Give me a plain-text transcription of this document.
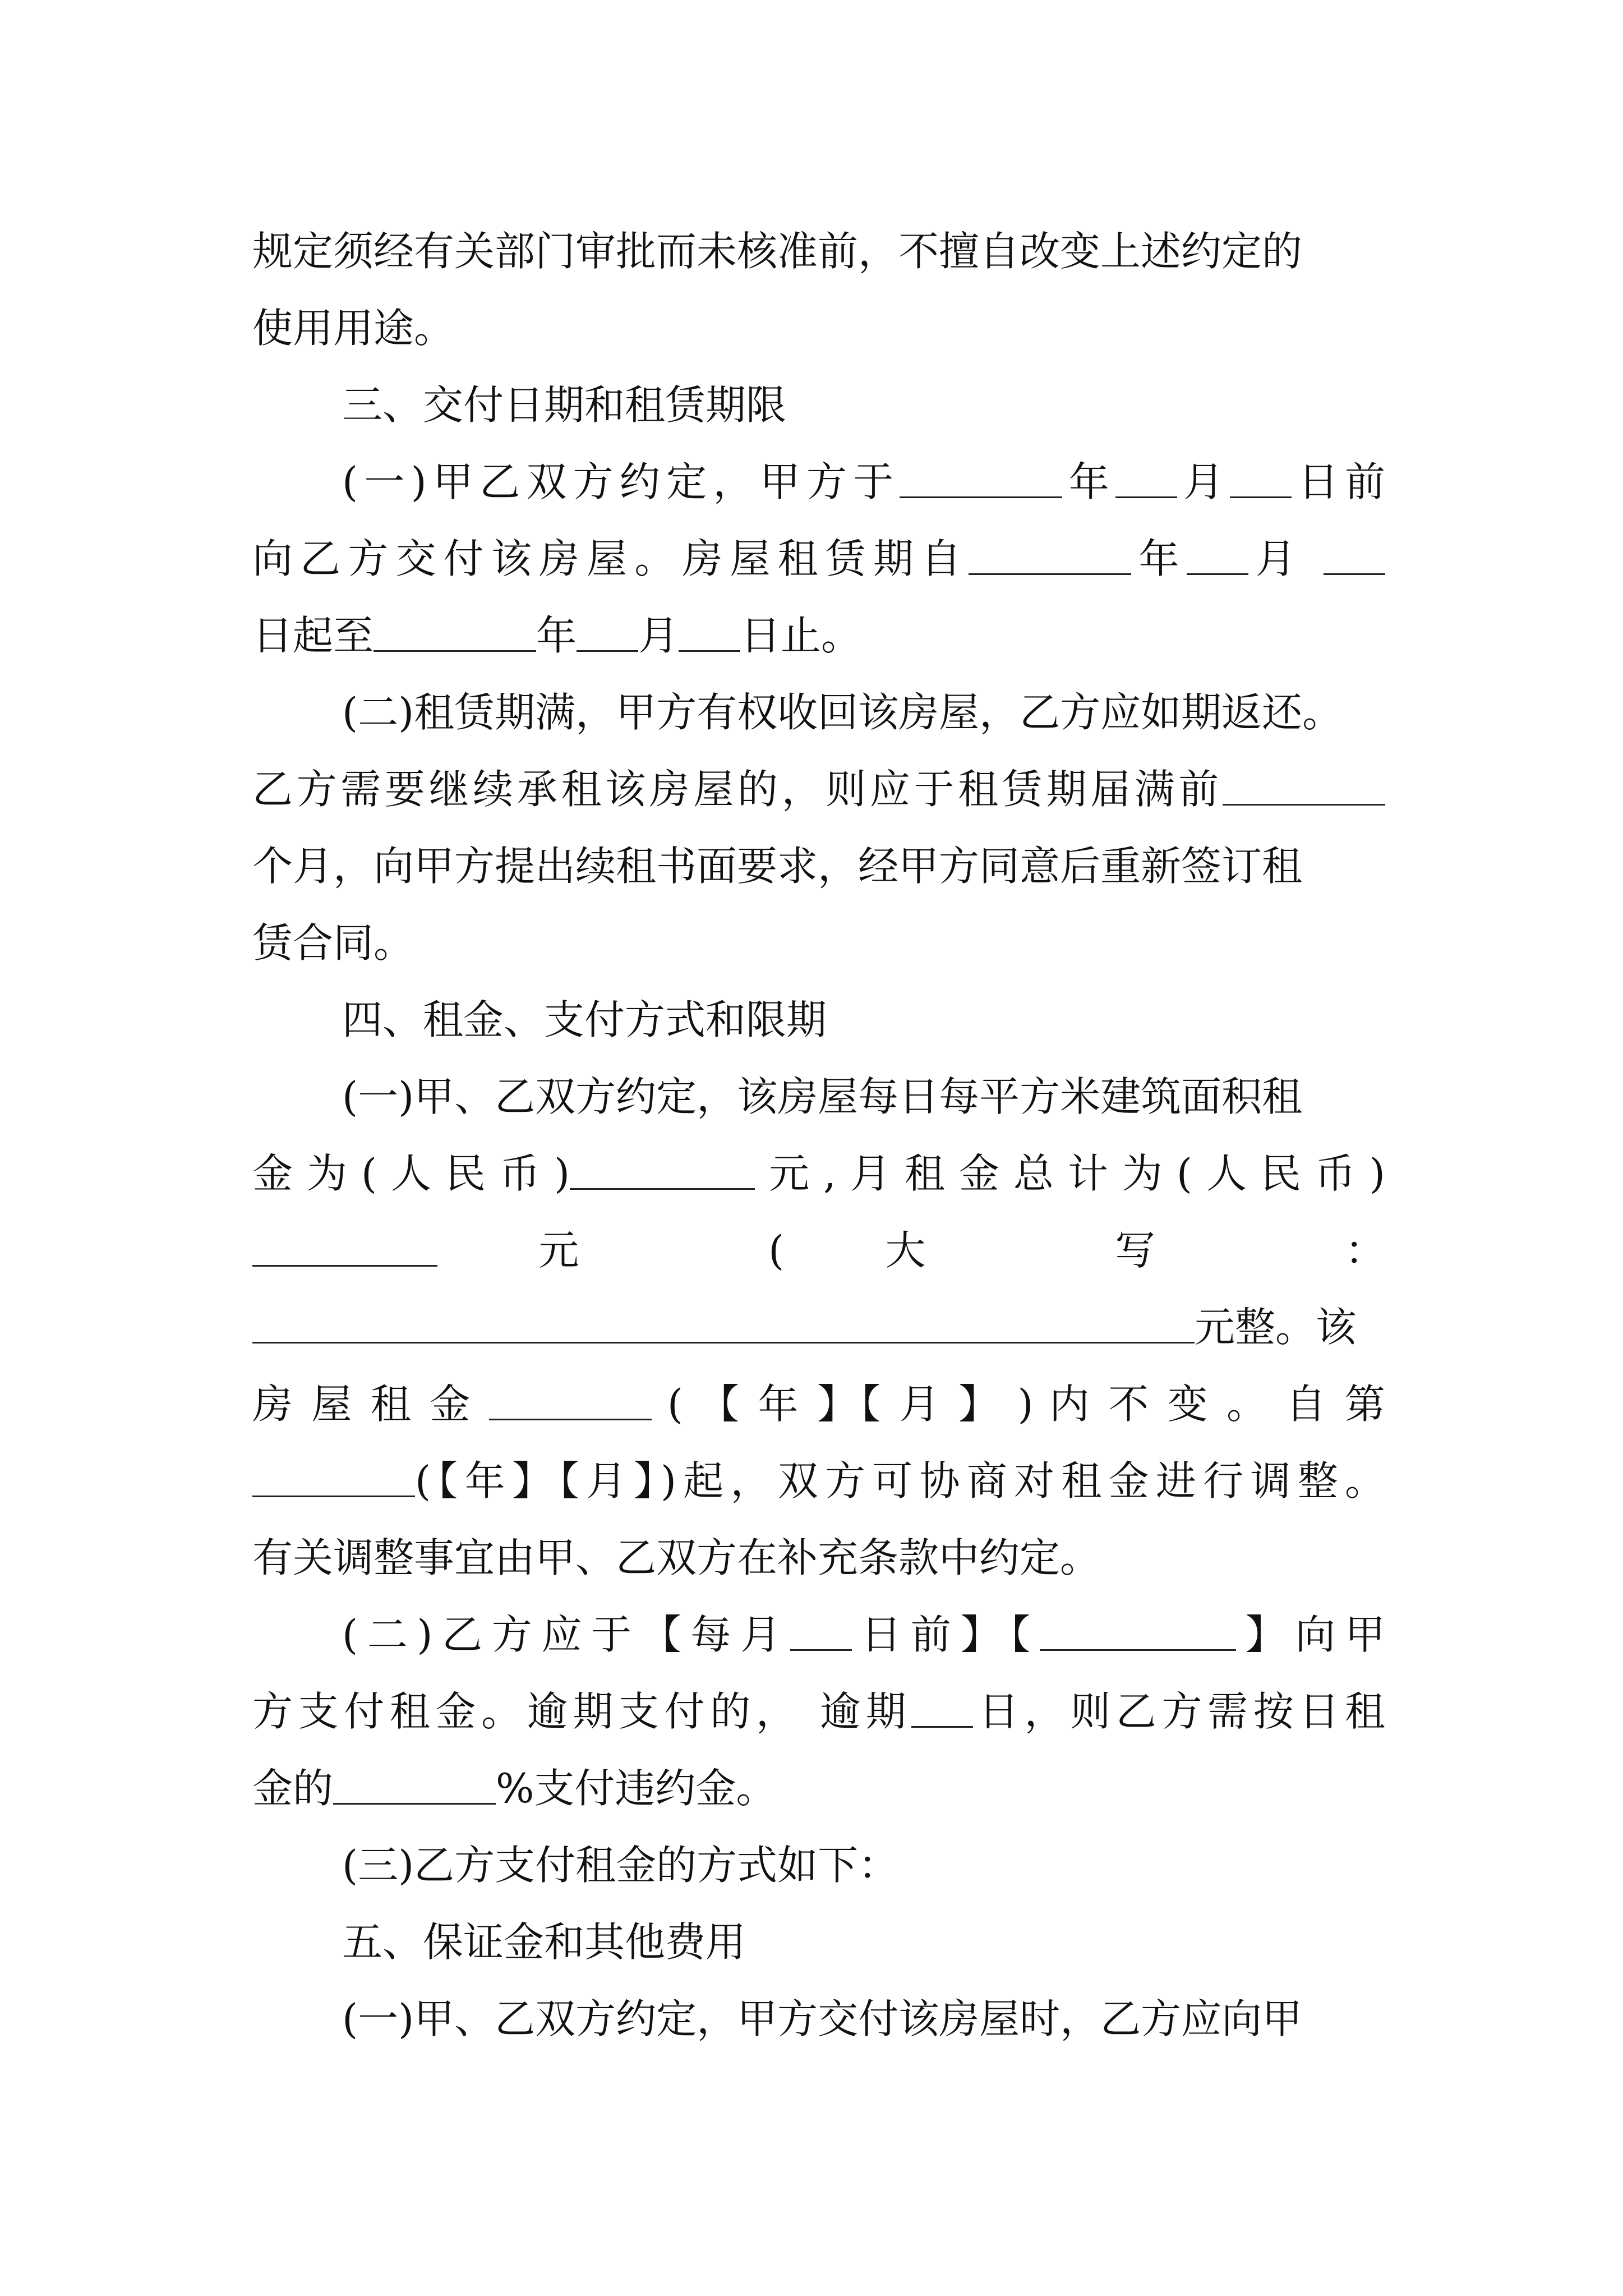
规定须经有关部门审批而未核准前，不擅自改变上述约定的
使用用途。
三、交付日期和租赁期限
(一)甲乙双方约定，甲方于	年 月 日前
向乙方交付该房屋。房屋租赁期自	年 月
日起至	年 月 日止。
(二)租赁期满，甲方有权收回该房屋，乙方应如期返还。
乙方需要继续承租该房屋的，则应于租赁期届满前
个月，向甲方提出续租书面要求，经甲方同意后重新签订租
赁合同。
四、租金、支付方式和限期
(一)甲、乙双方约定，该房屋每日每平方米建筑面积租
金为(人民币)	元,月租金总计为(人民币)
元	(	大	写	：
元整。该
房 屋 租 金	( 【 年 】【 月 】 ) 内 不 变 。 自 第
(【年】【月】)起，双方可协商对租金进行调整。
有关调整事宜由甲、乙双方在补充条款中约定。
(二)乙方应于【每月 日前】【	】向甲
方支付租金。逾期支付的， 逾期 日，则乙方需按日租
金的	%支付违约金。
(三)乙方支付租金的方式如下：
五、保证金和其他费用
(一)甲、乙双方约定，甲方交付该房屋时，乙方应向甲
